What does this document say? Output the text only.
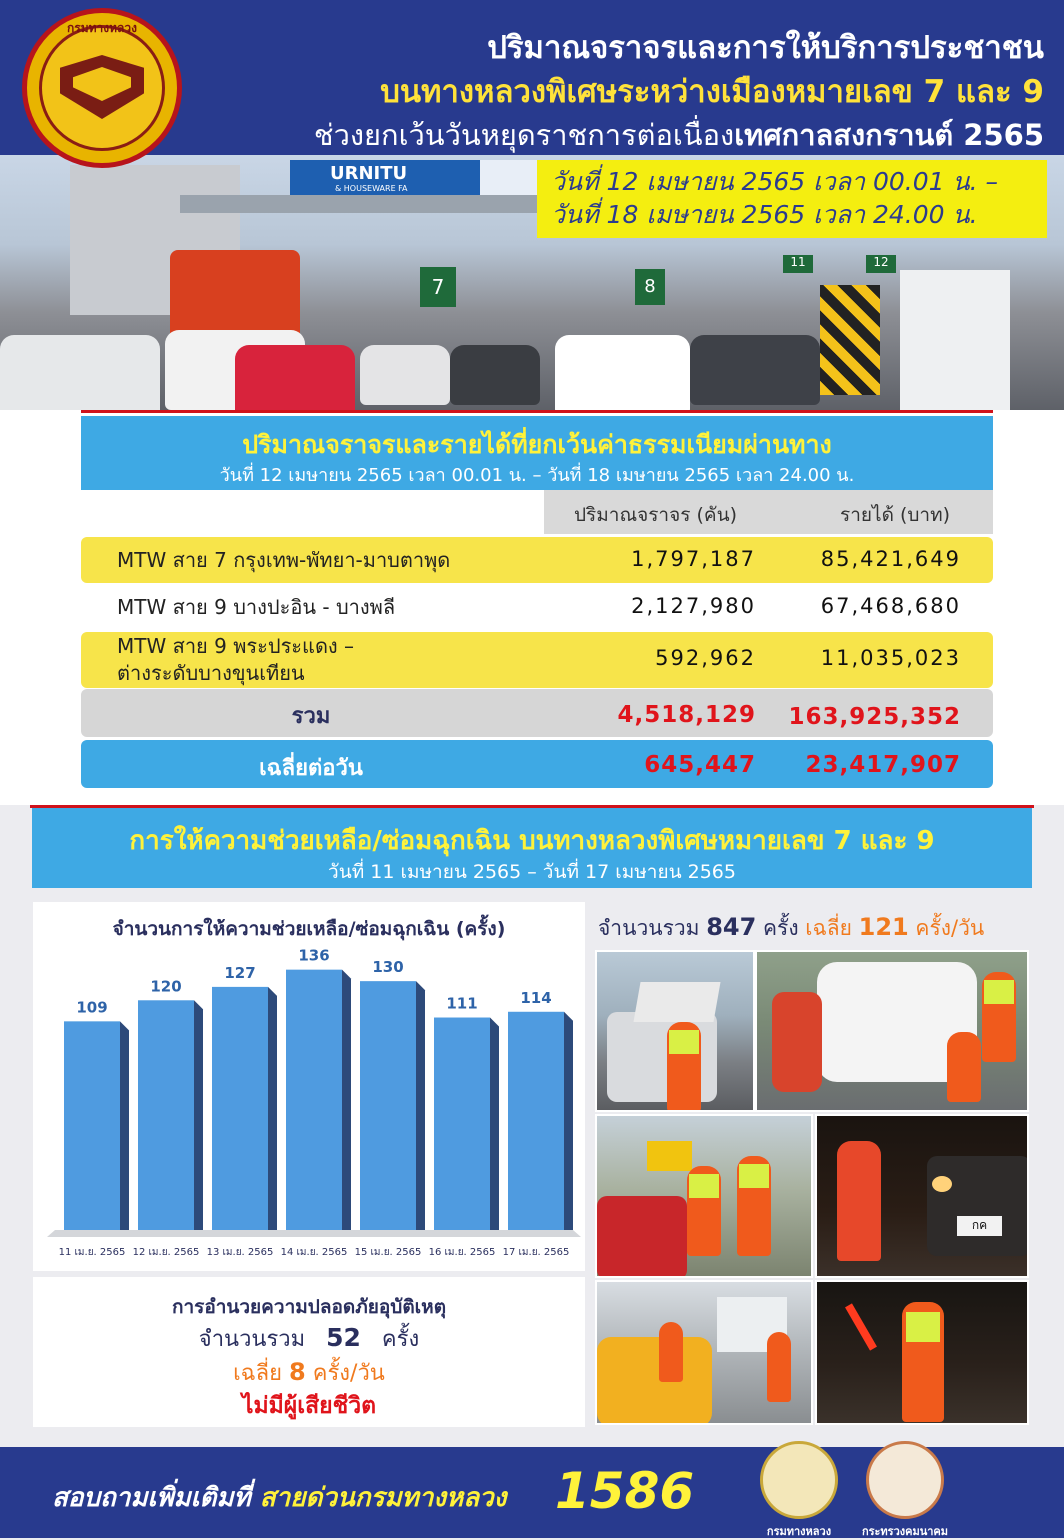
กรมทางหลวง
ปริมาณจราจรและการให้บริการประชาชน
บนทางหลวงพิเศษระหว่างเมืองหมายเลข 7 และ 9
ช่วงยกเว้นวันหยุดราชการต่อเนื่องเทศกาลสงกรานต์ 2565
URNITU
& HOUSEWARE FA
7	8
11	12
วันที่ 12 เมษายน 2565 เวลา 00.01 น. –
วันที่ 18 เมษายน 2565 เวลา 24.00 น.
ปริมาณจราจรและรายได้ที่ยกเว้นค่าธรรมเนียมผ่านทาง
วันที่ 12 เมษายน 2565 เวลา 00.01 น. – วันที่ 18 เมษายน 2565 เวลา 24.00 น.
ปริมาณจราจร (คัน)	รายได้ (บาท)
MTW สาย 7 กรุงเทพ-พัทยา-มาบตาพุด	1,797,187	85,421,649
MTW สาย 9 บางปะอิน - บางพลี	2,127,980	67,468,680
MTW สาย 9 พระประแดง –
ต่างระดับบางขุนเทียน
592,962	11,035,023
รวม	4,518,129	163,925,352
เฉลี่ยต่อวัน	645,447	23,417,907
การให้ความช่วยเหลือ/ซ่อมฉุกเฉิน บนทางหลวงพิเศษหมายเลข 7 และ 9
วันที่ 11 เมษายน 2565 – วันที่ 17 เมษายน 2565
จำนวนการให้ความช่วยเหลือ/ซ่อมฉุกเฉิน (ครั้ง)
109
11 เม.ย. 2565
120
12 เม.ย. 2565
127
13 เม.ย. 2565
136
14 เม.ย. 2565
130
15 เม.ย. 2565
111
16 เม.ย. 2565
114
17 เม.ย. 2565
การอำนวยความปลอดภัยอุบัติเหตุ
จำนวนรวม 52 ครั้ง
เฉลี่ย 8 ครั้ง/วัน
ไม่มีผู้เสียชีวิต
จำนวนรวม 847 ครั้ง เฉลี่ย 121 ครั้ง/วัน
กค
สอบถามเพิ่มเติมที่ สายด่วนกรมทางหลวง 1586
กรมทางหลวง	กระทรวงคมนาคม
